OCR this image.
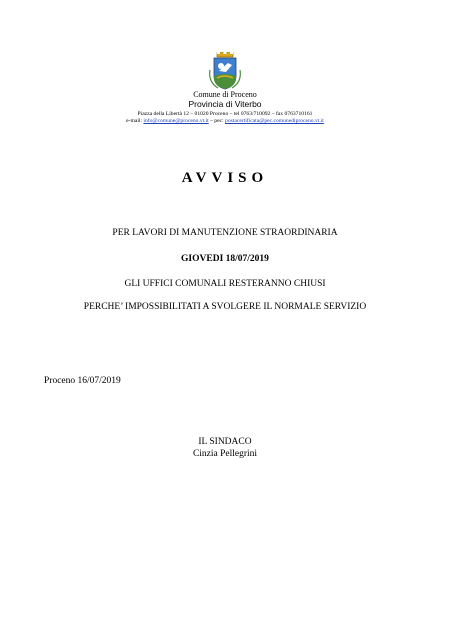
Comune di Proceno
Provincia di Viterbo
Piazza della Libertà 12 – 01020 Proceno – tel 0763/710092 – fax 0763710161
e-mail: info@comune@proceno.vt.it – pec: postacertificata@pec.comunediproceno.vt.it
AVVISO
PER LAVORI DI MANUTENZIONE STRAORDINARIA
GIOVEDI 18/07/2019
GLI UFFICI COMUNALI RESTERANNO CHIUSI
PERCHE’ IMPOSSIBILITATI A SVOLGERE IL NORMALE SERVIZIO
Proceno 16/07/2019
IL SINDACO
Cinzia Pellegrini
